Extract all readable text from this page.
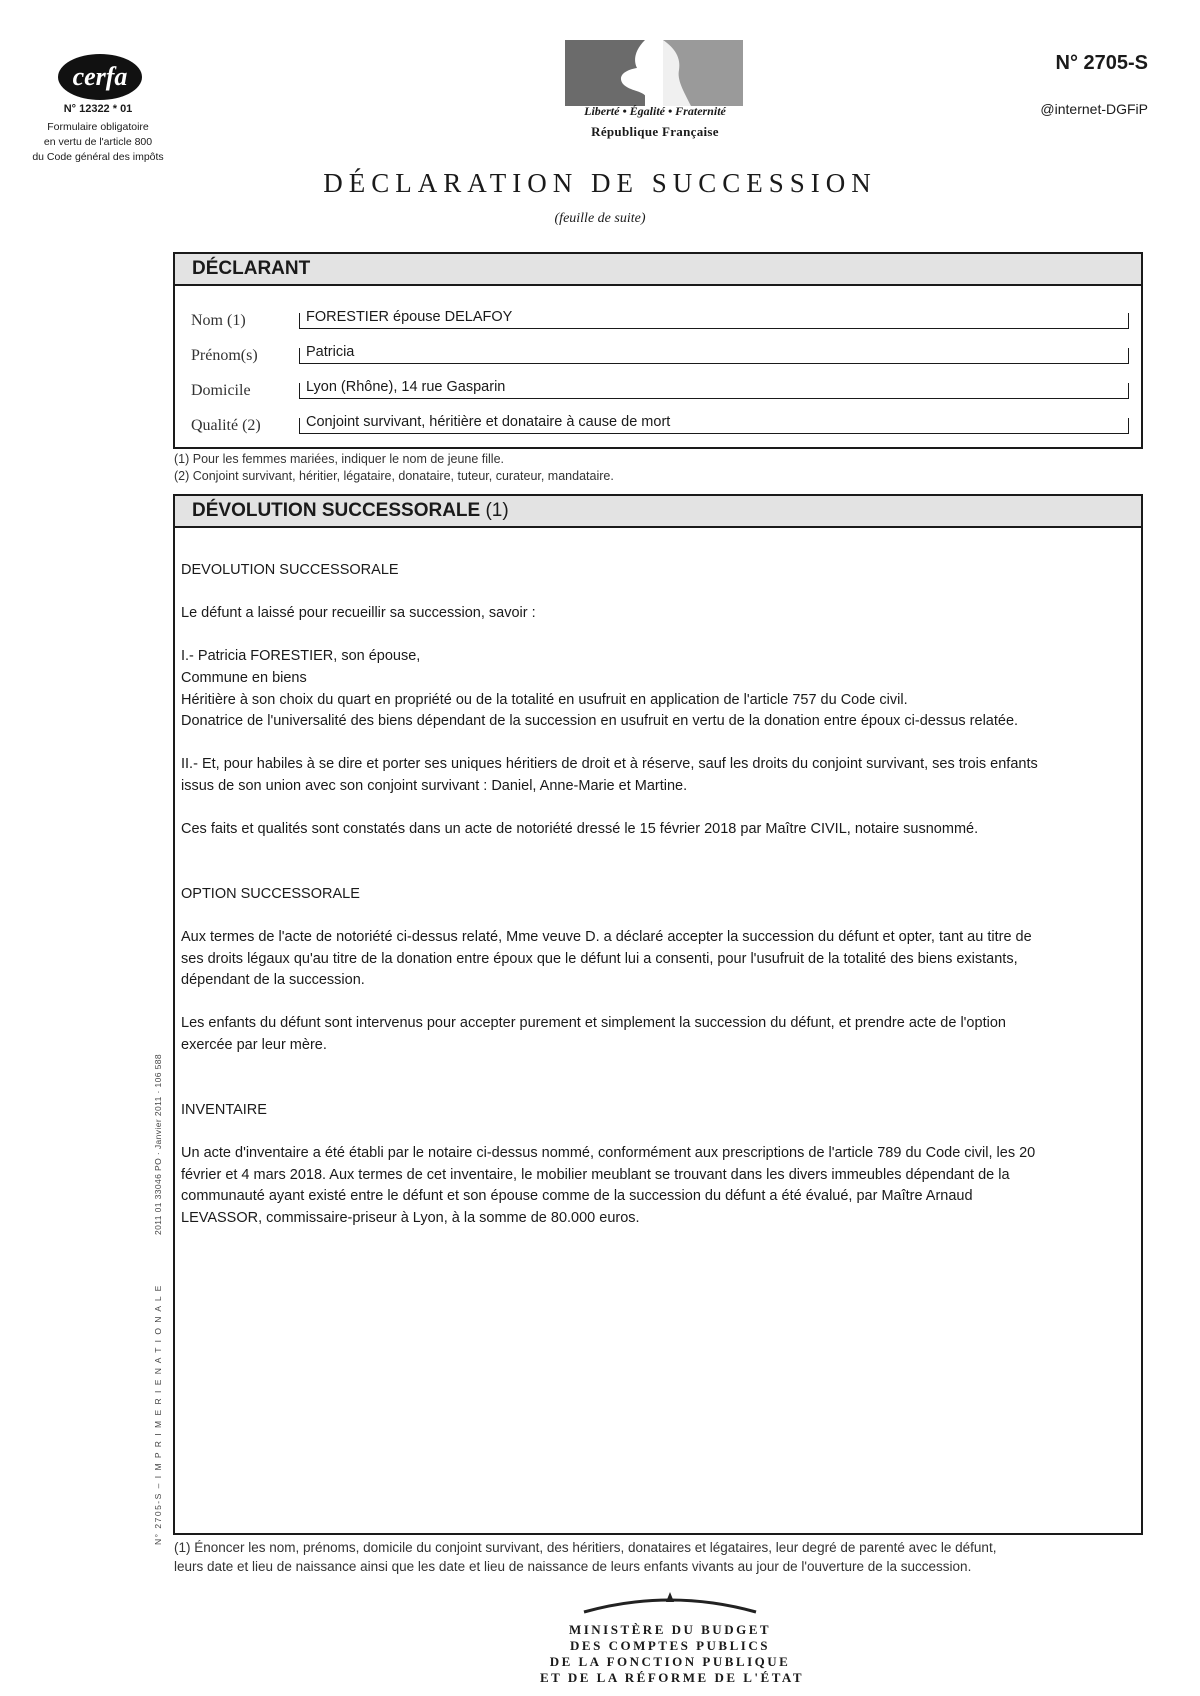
cerfa
N° 12322 * 01
Formulaire obligatoire
en vertu de l'article 800
du Code général des impôts
Liberté • Égalité • Fraternité
République Française
N° 2705-S
@internet-DGFiP
DÉCLARATION DE SUCCESSION
(feuille de suite)
DÉCLARANT
Nom (1)	FORESTIER épouse DELAFOY
Prénom(s)	Patricia
Domicile	Lyon (Rhône), 14 rue Gasparin
Qualité (2)	Conjoint survivant, héritière et donataire à cause de mort
(1) Pour les femmes mariées, indiquer le nom de jeune fille.
(2) Conjoint survivant, héritier, légataire, donataire, tuteur, curateur, mandataire.
DÉVOLUTION SUCCESSORALE (1)

DEVOLUTION SUCCESSORALE

Le défunt a laissé pour recueillir sa succession, savoir :

I.- Patricia FORESTIER, son épouse,

Commune en biens

Héritière à son choix du quart en propriété ou de la totalité en usufruit en application de l'article 757 du Code civil.

Donatrice de l'universalité des biens dépendant de la succession en usufruit en vertu de la donation entre époux ci-dessus relatée.

II.- Et, pour habiles à se dire et porter ses uniques héritiers de droit et à réserve, sauf les droits du conjoint survivant, ses trois enfants

issus de son union avec son conjoint survivant : Daniel, Anne-Marie et Martine.

Ces faits et qualités sont constatés dans un acte de notoriété dressé le 15 février 2018 par Maître CIVIL, notaire susnommé.

OPTION SUCCESSORALE

Aux termes de l'acte de notoriété ci-dessus relaté, Mme veuve D. a déclaré accepter la succession du défunt et opter, tant au titre de

ses droits légaux qu'au titre de la donation entre époux que le défunt lui a consenti, pour l'usufruit de la totalité des biens existants,

dépendant de la succession.

Les enfants du défunt sont intervenus pour accepter purement et simplement la succession du défunt, et prendre acte de l'option

exercée par leur mère.

INVENTAIRE

Un acte d'inventaire a été établi par le notaire ci-dessus nommé, conformément aux prescriptions de l'article 789 du Code civil, les 20

février et 4 mars 2018. Aux termes de cet inventaire, le mobilier meublant se trouvant dans les divers immeubles dépendant de la

communauté ayant existé entre le défunt et son épouse comme de la succession du défunt a été évalué, par Maître Arnaud

LEVASSOR, commissaire-priseur à Lyon, à la somme de 80.000 euros.

(1) Énoncer les nom, prénoms, domicile du conjoint survivant, des héritiers, donataires et légataires, leur degré de parenté avec le défunt,
leurs date et lieu de naissance ainsi que les date et lieu de naissance de leurs enfants vivants au jour de l'ouverture de la succession.
2011 01 33046 PO · Janvier 2011 · 106 588
N° 2705-S – I M P R I M E R I E N A T I O N A L E
MINISTÈRE DU BUDGET
DES COMPTES PUBLICS
DE LA FONCTION PUBLIQUE
ET DE LA RÉFORME DE L'ÉTAT
